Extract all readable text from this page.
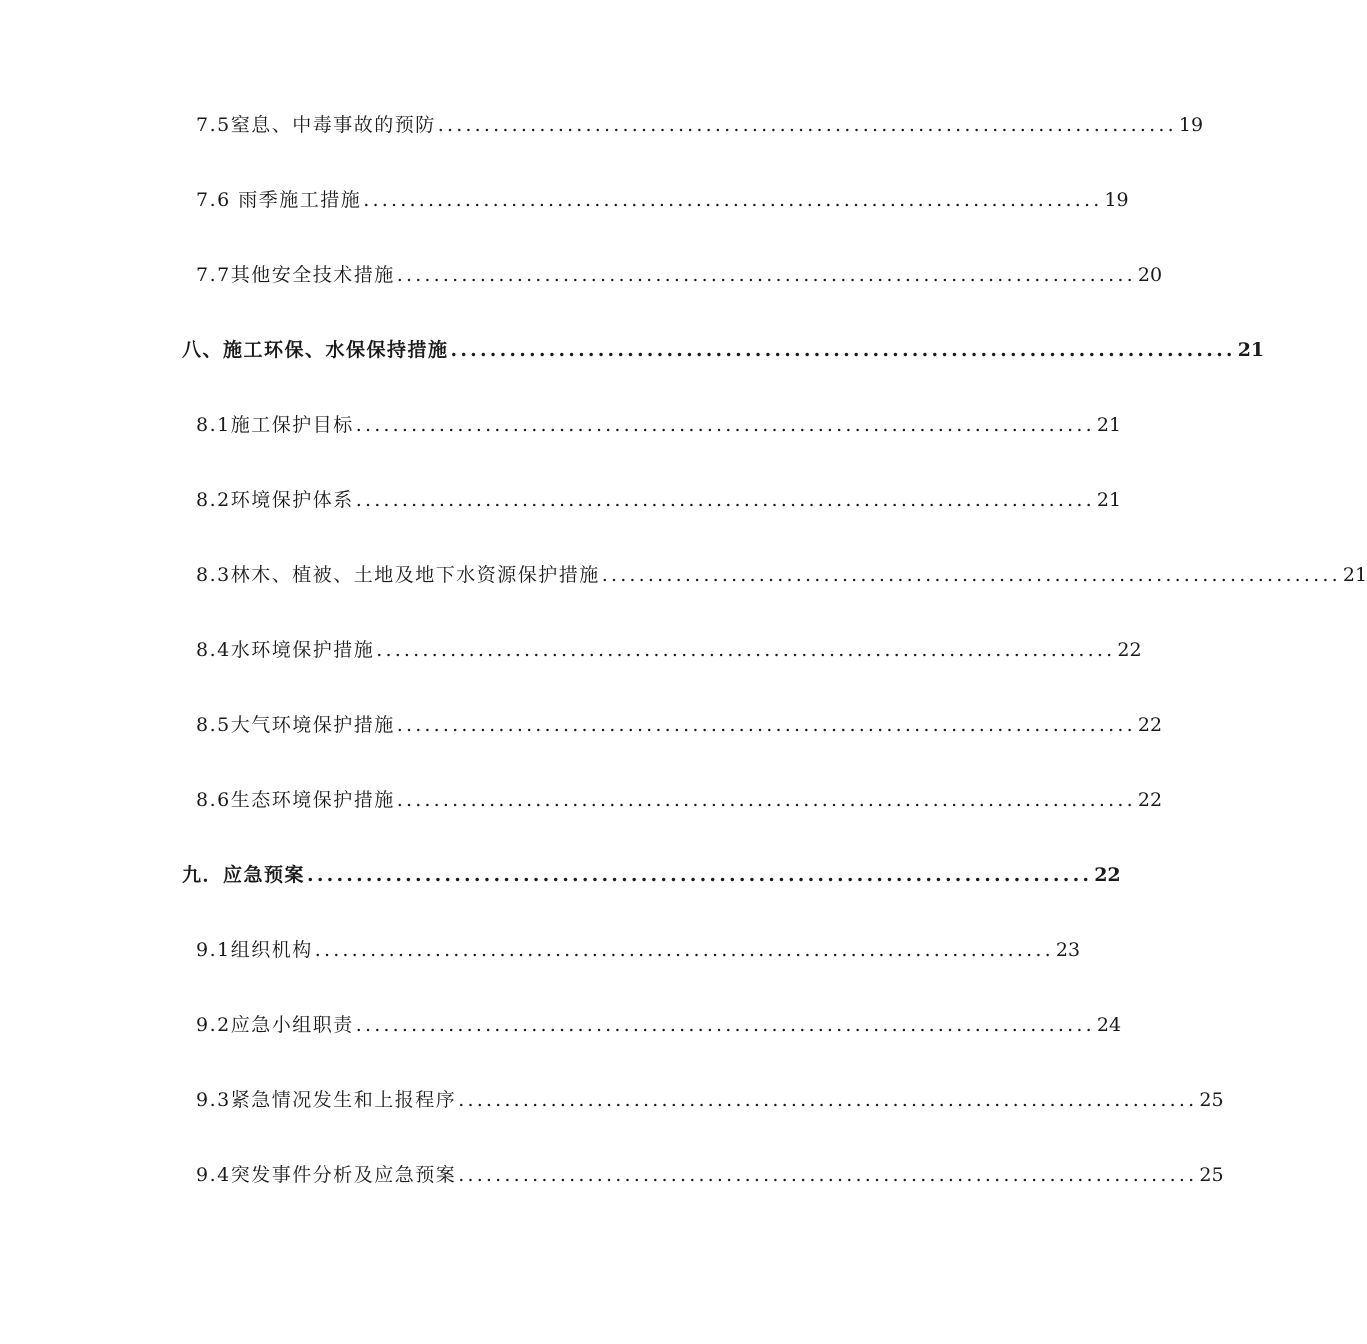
7.5窒息、中毒事故的预防 ................................................................................ 19
7.6 雨季施工措施 ................................................................................ 19
7.7其他安全技术措施 ................................................................................ 20
八、施工环保、水保保持措施 ................................................................................ 21
8.1施工保护目标 ................................................................................ 21
8.2环境保护体系 ................................................................................ 21
8.3林木、植被、土地及地下水资源保护措施 ................................................................................ 21
8.4水环境保护措施 ................................................................................ 22
8.5大气环境保护措施 ................................................................................ 22
8.6生态环境保护措施 ................................................................................ 22
九．应急预案 ................................................................................ 22
9.1组织机构 ................................................................................ 23
9.2应急小组职责 ................................................................................ 24
9.3紧急情况发生和上报程序 ................................................................................ 25
9.4突发事件分析及应急预案 ................................................................................ 25
